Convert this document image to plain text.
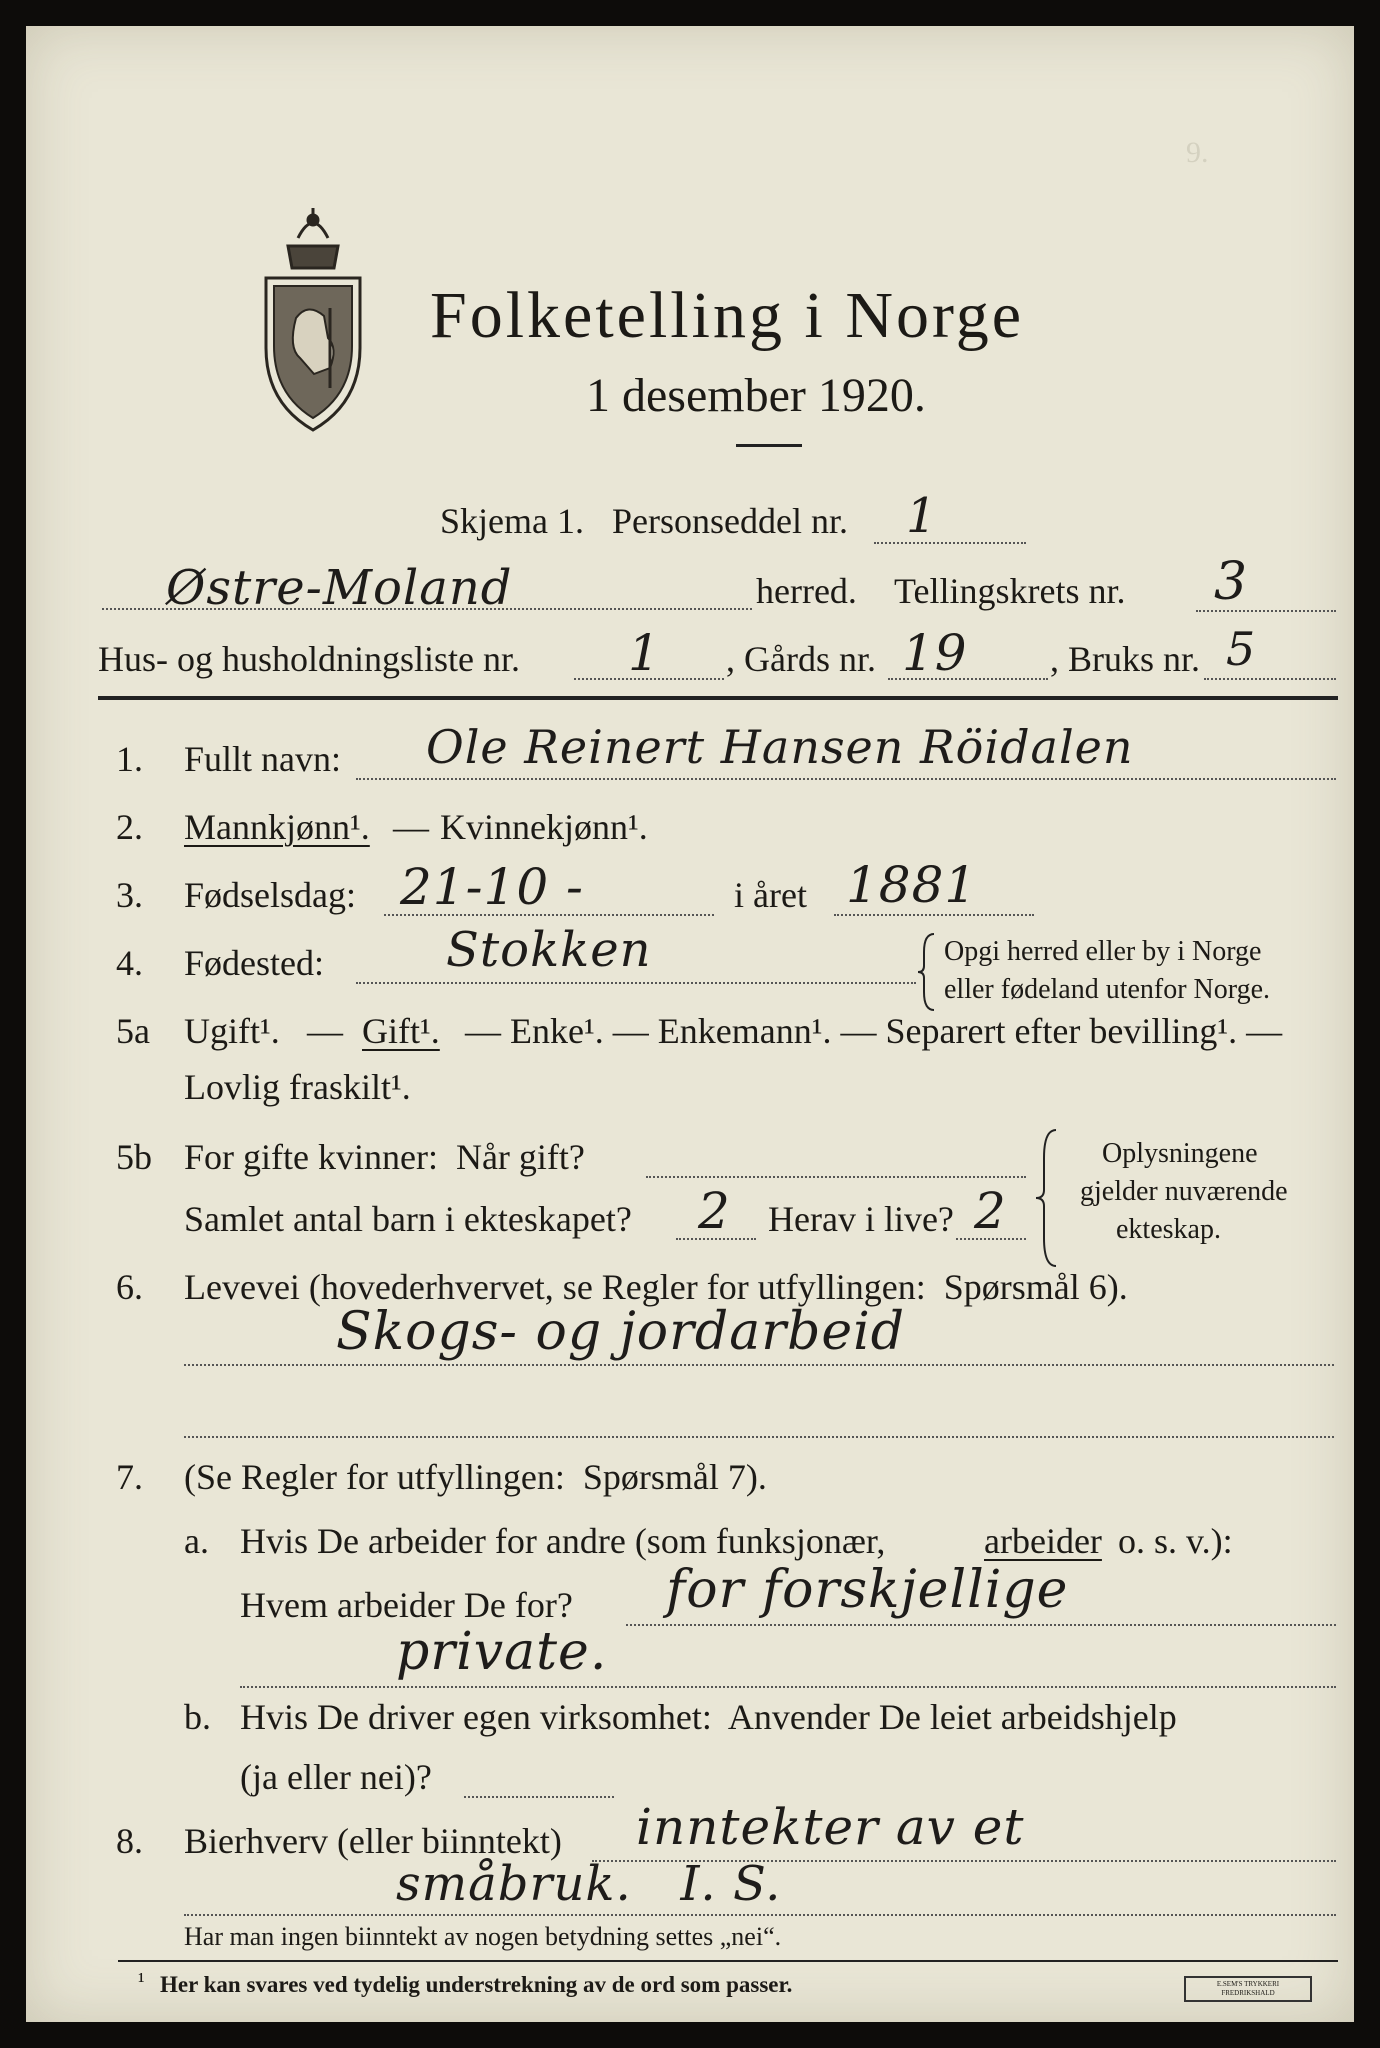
9.
Folketelling i Norge
1 desember 1920.
Skjema 1. Personseddel nr. 1
Østre-Moland	herred. Tellingskrets nr. 3
Hus- og husholdningsliste nr. 1 , Gårds nr. 19 , Bruks nr. 5
1. Fullt navn: Ole Reinert Hansen Röidalen
2. Mannkjønn¹. — Kvinnekjønn¹.
3. Fødselsdag: 21-10 -	i året 1881
4. Fødested:	Stokken	Opgi herred eller by i Norge
eller fødeland utenfor Norge.
5a Ugift¹. — Gift¹. — Enke¹. — Enkemann¹. — Separert efter bevilling¹. —
Lovlig fraskilt¹.
5b For gifte kvinner:  Når gift?
Samlet antal barn i ekteskapet? 2 Herav i live? 2
Oplysningene
gjelder nuværende
ekteskap.
6. Levevei (hovederhvervet, se Regler for utfyllingen:  Spørsmål 6).
Skogs- og jordarbeid
7. (Se Regler for utfyllingen:  Spørsmål 7).
a. Hvis De arbeider for andre (som funksjonær,	arbeider o. s. v.):
Hvem arbeider De for? for forskjellige
private.
b. Hvis De driver egen virksomhet:  Anvender De leiet arbeidshjelp
(ja eller nei)?
8. Bierhverv (eller biinntekt) inntekter av et
småbruk.   I. S.
Har man ingen biinntekt av nogen betydning settes „nei“.
¹ Her kan svares ved tydelig understrekning av de ord som passer.	E.SEM'S TRYKKERI FREDRIKSHALD
